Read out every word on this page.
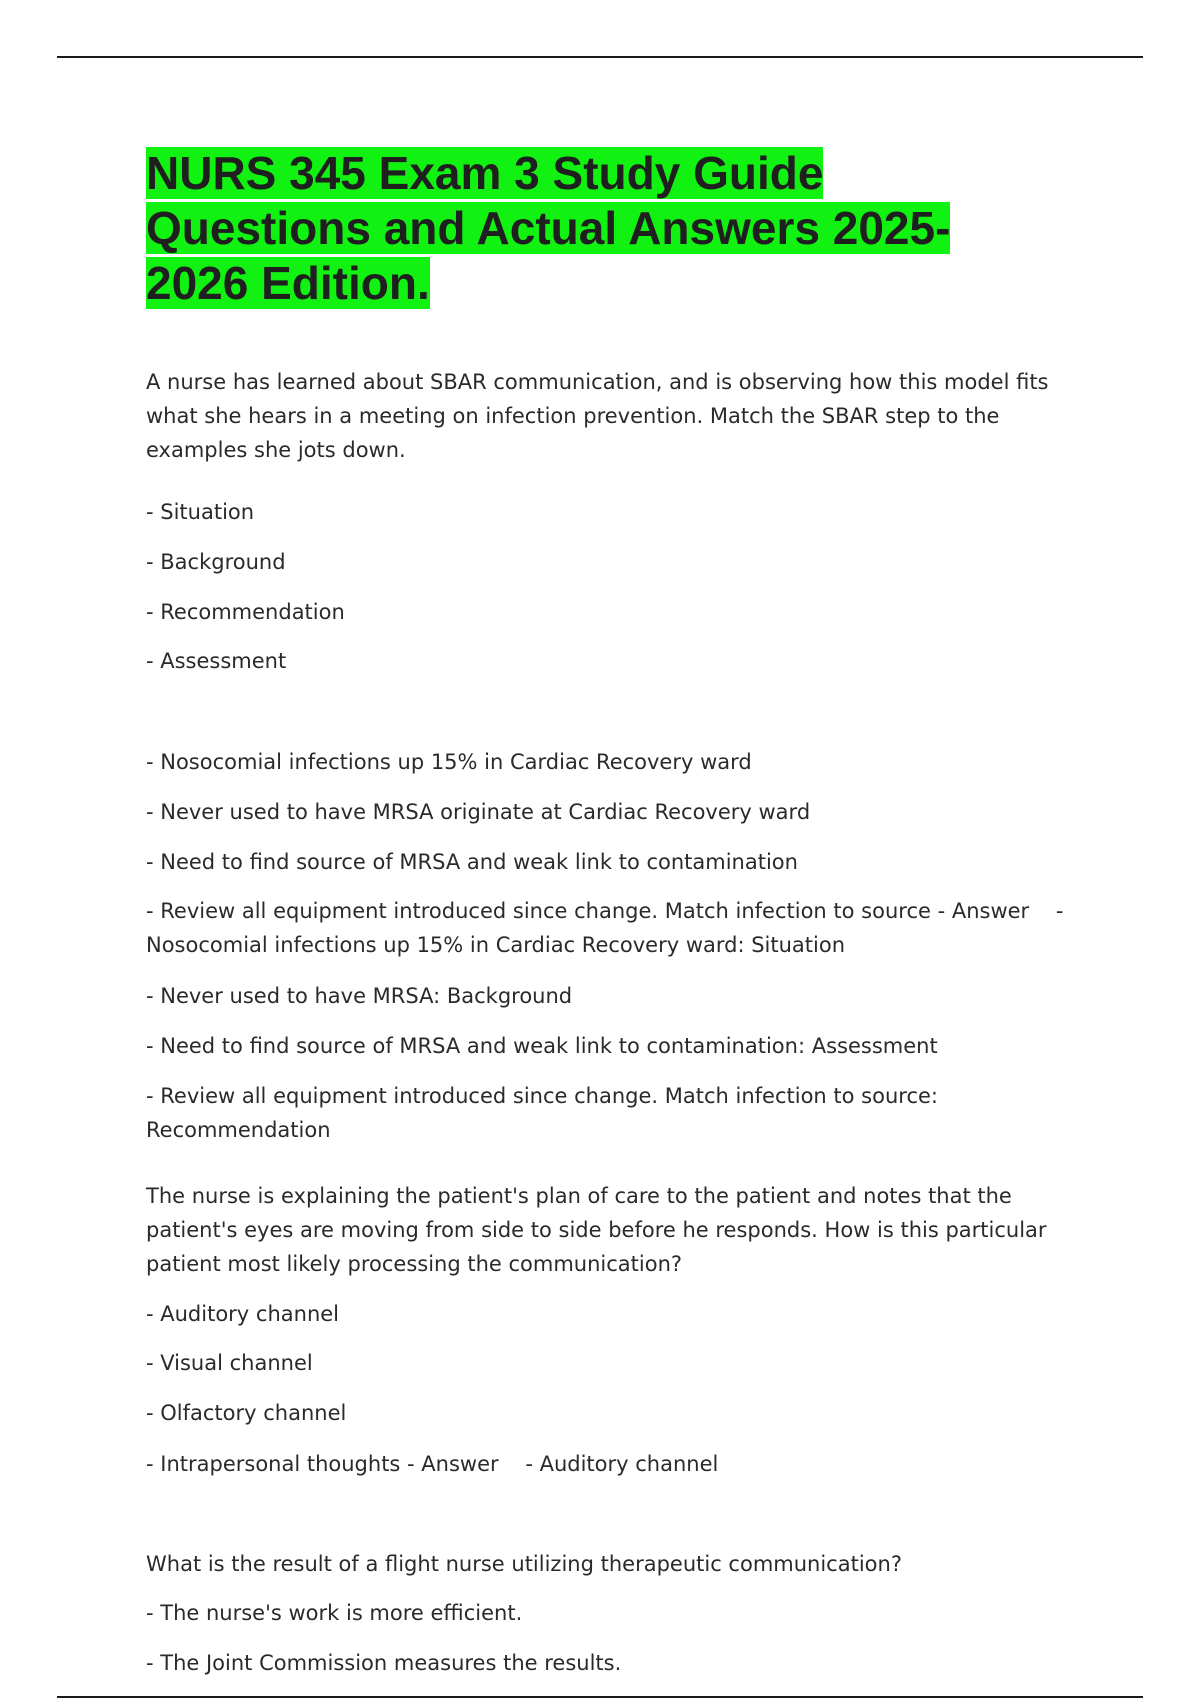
NURS 345 Exam 3 Study Guide Questions and Actual Answers 2025-2026 Edition.

A nurse has learned about SBAR communication, and is observing how this model fits what she hears in a meeting on infection prevention. Match the SBAR step to the examples she jots down.

- Situation

- Background

- Recommendation

- Assessment

- Nosocomial infections up 15% in Cardiac Recovery ward

- Never used to have MRSA originate at Cardiac Recovery ward

- Need to find source of MRSA and weak link to contamination

- Review all equipment introduced since change. Match infection to source - Answer    - Nosocomial infections up 15% in Cardiac Recovery ward: Situation

- Never used to have MRSA: Background

- Need to find source of MRSA and weak link to contamination: Assessment

- Review all equipment introduced since change. Match infection to source: Recommendation

The nurse is explaining the patient's plan of care to the patient and notes that the patient's eyes are moving from side to side before he responds. How is this particular patient most likely processing the communication?

- Auditory channel

- Visual channel

- Olfactory channel

- Intrapersonal thoughts - Answer    - Auditory channel

What is the result of a flight nurse utilizing therapeutic communication?

- The nurse's work is more efficient.

- The Joint Commission measures the results.
